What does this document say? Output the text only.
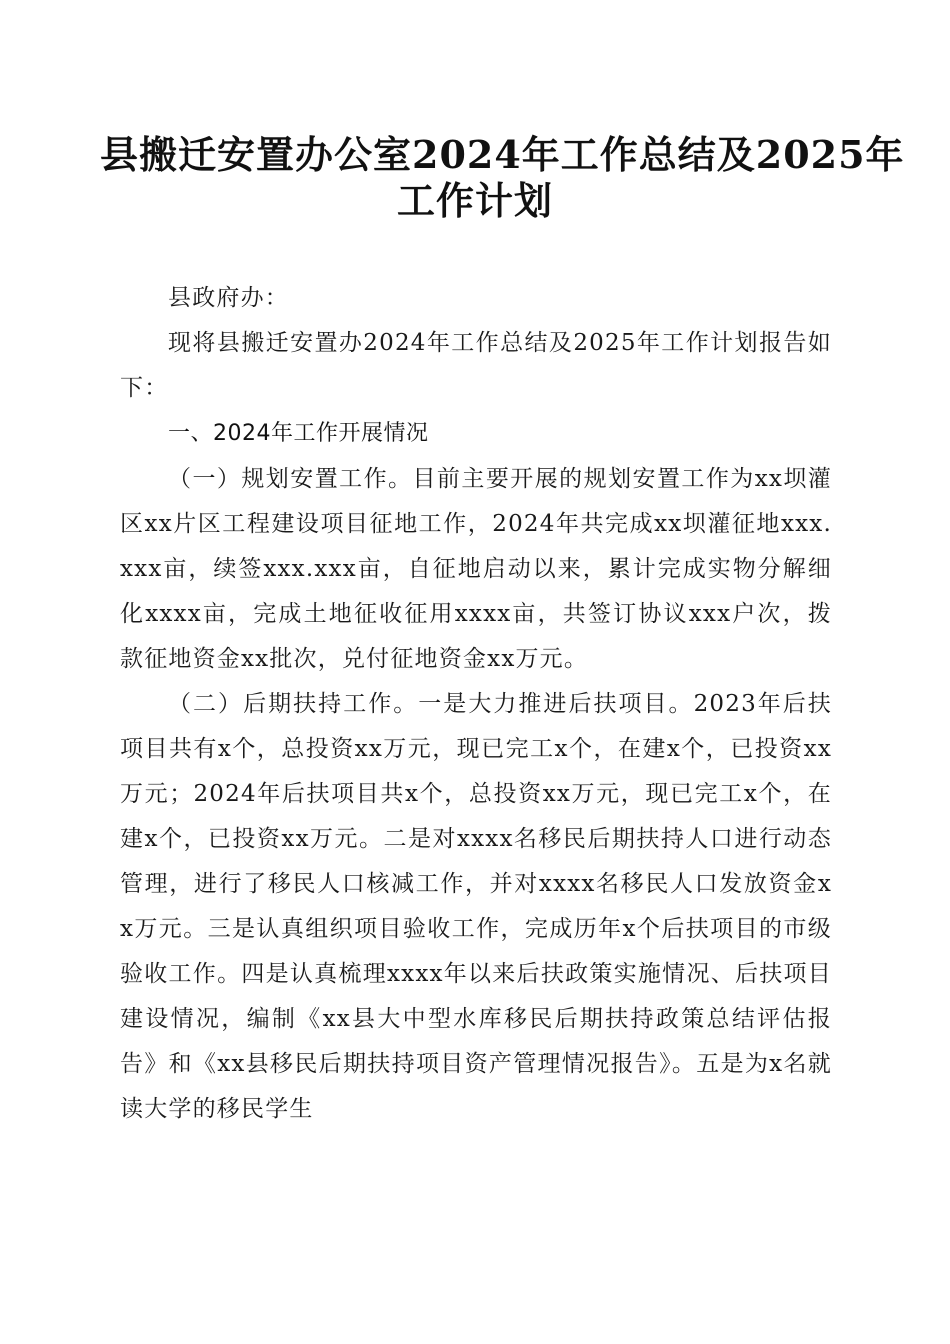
县搬迁安置办公室2024年工作总结及2025年
工作计划

县政府办：

现将县搬迁安置办2024年工作总结及2025年工作计划报告如下：

一、2024年工作开展情况

（一）规划安置工作。目前主要开展的规划安置工作为xx坝灌区xx片区工程建设项目征地工作，2024年共完成xx坝灌征地xxx.xxx亩，续签xxx.xxx亩，自征地启动以来，累计完成实物分解细化xxxx亩，完成土地征收征用xxxx亩，共签订协议xxx户次，拨款征地资金xx批次，兑付征地资金xx万元。

（二）后期扶持工作。一是大力推进后扶项目。2023年后扶项目共有x个，总投资xx万元，现已完工x个，在建x个，已投资xx万元；2024年后扶项目共x个，总投资xx万元，现已完工x个，在建x个，已投资xx万元。二是对xxxx名移民后期扶持人口进行动态管理，进行了移民人口核减工作，并对xxxx名移民人口发放资金xx万元。三是认真组织项目验收工作，完成历年x个后扶项目的市级验收工作。四是认真梳理xxxx年以来后扶政策实施情况、后扶项目建设情况，编制《xx县大中型水库移民后期扶持政策总结评估报告》和《xx县移民后期扶持项目资产管理情况报告》。五是为x名就读大学的移民学生
